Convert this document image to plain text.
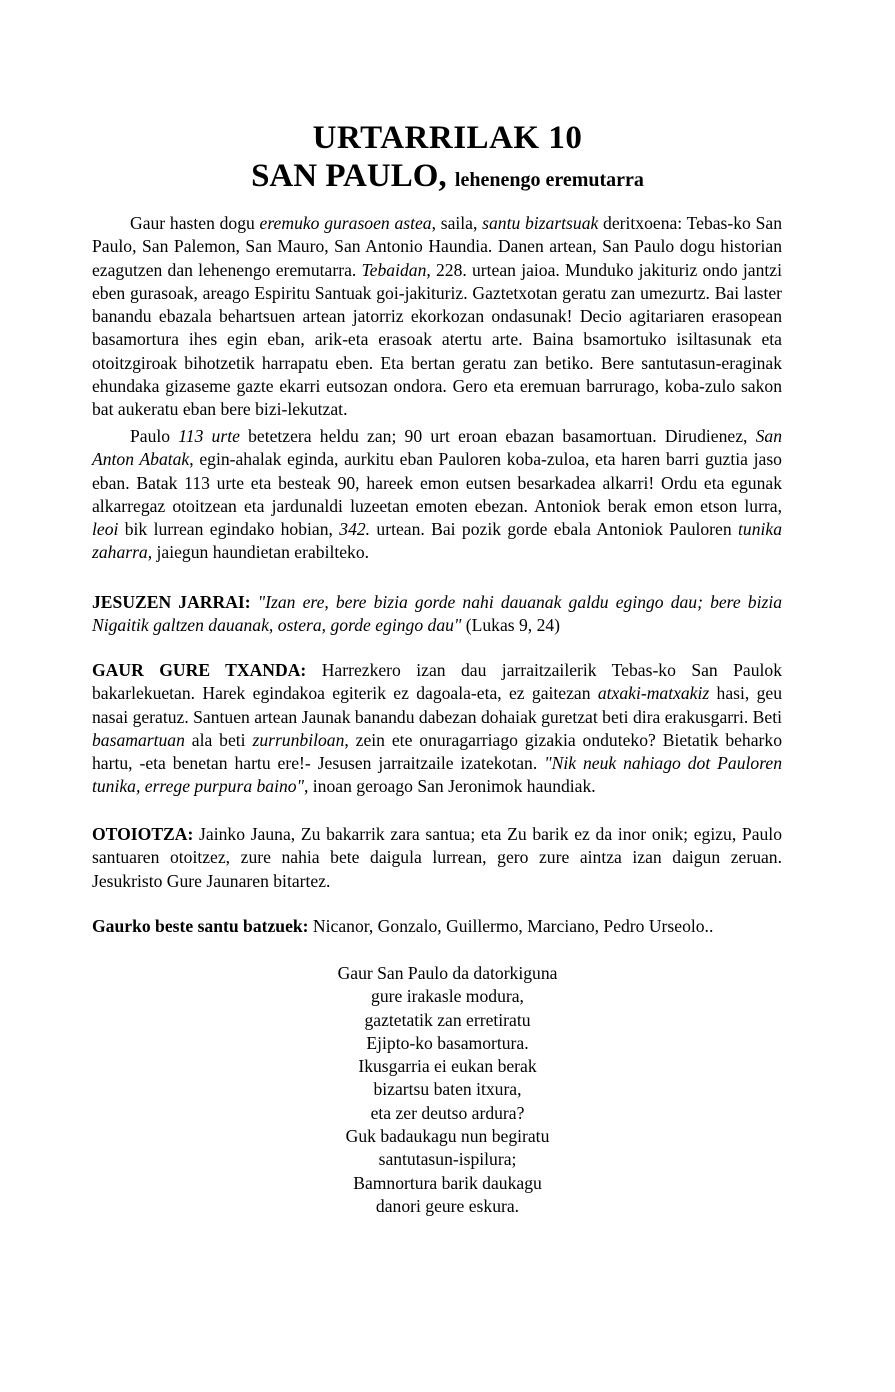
URTARRILAK 10
SAN PAULO, lehenengo eremutarra

Gaur hasten dogu eremuko gurasoen astea, saila, santu bizartsuak deritxoena: Tebas-ko San Paulo, San Palemon, San Mauro, San Antonio Haundia. Danen artean, San Paulo dogu historian ezagutzen dan lehenengo eremutarra. Tebaidan, 228. urtean jaioa. Munduko jakituriz ondo jantzi eben gurasoak, areago Espiritu Santuak goi-jakituriz. Gaztetxotan geratu zan umezurtz. Bai laster banandu ebazala behartsuen artean jatorriz ekorkozan ondasunak! Decio agitariaren erasopean basamortura ihes egin eban, arik-eta erasoak atertu arte. Baina bsamortuko isiltasunak eta otoitzgiroak bihotzetik harrapatu eben. Eta bertan geratu zan betiko. Bere santutasun-eraginak ehundaka gizaseme gazte ekarri eutsozan ondora. Gero eta eremuan barrurago, koba-zulo sakon bat aukeratu eban bere bizi-lekutzat.

Paulo 113 urte betetzera heldu zan; 90 urt eroan ebazan basamortuan. Dirudienez, San Anton Abatak, egin-ahalak eginda, aurkitu eban Pauloren koba-zuloa, eta haren barri guztia jaso eban. Batak 113 urte eta besteak 90, hareek emon eutsen besarkadea alkarri! Ordu eta egunak alkarregaz otoitzean eta jardunaldi luzeetan emoten ebezan. Antoniok berak emon etson lurra, leoi bik lurrean egindako hobian, 342. urtean. Bai pozik gorde ebala Antoniok Pauloren tunika zaharra, jaiegun haundietan erabilteko.

JESUZEN JARRAI: "Izan ere, bere bizia gorde nahi dauanak galdu egingo dau; bere bizia Nigaitik galtzen dauanak, ostera, gorde egingo dau" (Lukas 9, 24)

GAUR GURE TXANDA: Harrezkero izan dau jarraitzailerik Tebas-ko San Paulok bakarlekuetan. Harek egindakoa egiterik ez dagoala-eta, ez gaitezan atxaki-matxakiz hasi, geu nasai geratuz. Santuen artean Jaunak banandu dabezan dohaiak guretzat beti dira erakusgarri. Beti basamartuan ala beti zurrunbiloan, zein ete onuragarriago gizakia onduteko? Bietatik beharko hartu, -eta benetan hartu ere!- Jesusen jarraitzaile izatekotan. "Nik neuk nahiago dot Pauloren tunika, errege purpura baino", inoan geroago San Jeronimok haundiak.

OTOIOTZA: Jainko Jauna, Zu bakarrik zara santua; eta Zu barik ez da inor onik; egizu, Paulo santuaren otoitzez, zure nahia bete daigula lurrean, gero zure aintza izan daigun zeruan. Jesukristo Gure Jaunaren bitartez.

Gaurko beste santu batzuek: Nicanor, Gonzalo, Guillermo, Marciano, Pedro Urseolo..

Gaur San Paulo da datorkiguna
gure irakasle modura,
gaztetatik zan erretiratu
Ejipto-ko basamortura.
Ikusgarria ei eukan berak
bizartsu baten itxura,
eta zer deutso ardura?
Guk badaukagu nun begiratu
santutasun-ispilura;
Bamnortura barik daukagu
danori geure eskura.
